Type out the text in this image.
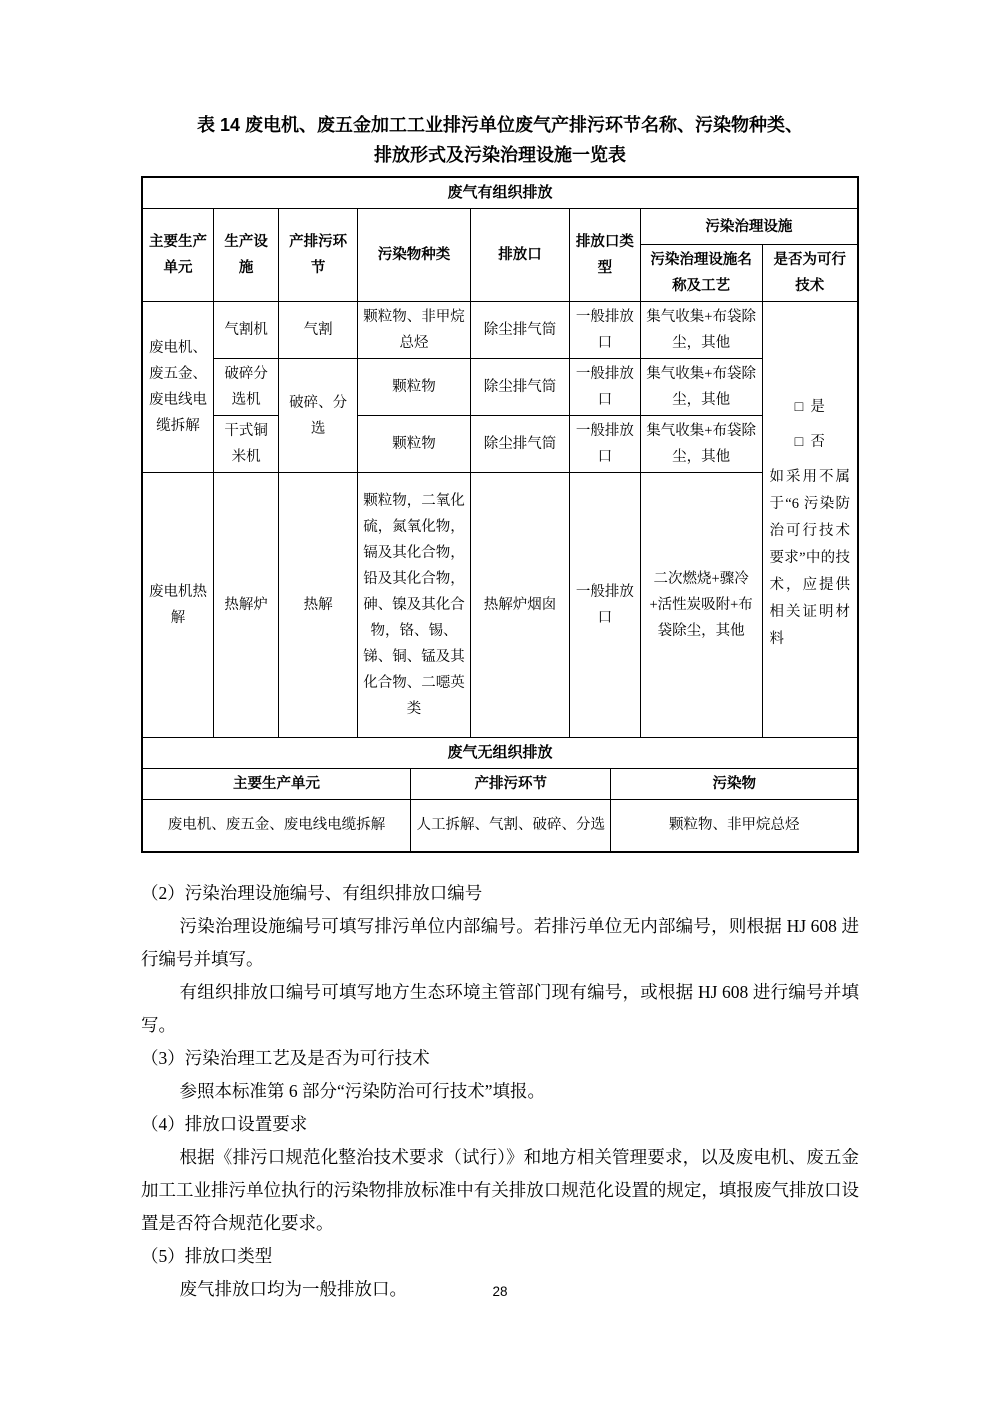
表 14 废电机、废五金加工工业排污单位废气产排污环节名称、污染物种类、
排放形式及污染治理设施一览表
废气有组织排放							
主要生产单元	生产设施	产排污环节	污染物种类	排放口	排放口类型	污染治理设施	
						污染治理设施名称及工艺	是否为可行技术
废电机、废五金、废电线电缆拆解	气割机	气割	颗粒物、非甲烷总烃	除尘排气筒	一般排放口	集气收集+布袋除尘，其他	□ 是
□ 否
如采用不属于“6 污染防治可行技术要求”中的技术，应提供相关证明材料

	破碎分选机	破碎、分选	颗粒物	除尘排气筒	一般排放口	集气收集+布袋除尘，其他	
	干式铜米机		颗粒物	除尘排气筒	一般排放口	集气收集+布袋除尘，其他	
废电机热解	热解炉	热解	颗粒物，二氧化硫，氮氧化物，镉及其化合物，铅及其化合物，砷、镍及其化合物，铬、锡、锑、铜、锰及其化合物、二噁英类	热解炉烟囱	一般排放口	二次燃烧+骤冷+活性炭吸附+布袋除尘，其他	
废气无组织排放		
主要生产单元	产排污环节	污染物
废电机、废五金、废电线电缆拆解	人工拆解、气割、破碎、分选	颗粒物、非甲烷总烃

（2）污染治理设施编号、有组织排放口编号

污染治理设施编号可填写排污单位内部编号。若排污单位无内部编号，则根据 HJ 608 进行编号并填写。

有组织排放口编号可填写地方生态环境主管部门现有编号，或根据 HJ 608 进行编号并填写。

（3）污染治理工艺及是否为可行技术

参照本标准第 6 部分“污染防治可行技术”填报。

（4）排放口设置要求

根据《排污口规范化整治技术要求（试行）》和地方相关管理要求，以及废电机、废五金加工工业排污单位执行的污染物排放标准中有关排放口规范化设置的规定，填报废气排放口设置是否符合规范化要求。

（5）排放口类型

废气排放口均为一般排放口。	28
